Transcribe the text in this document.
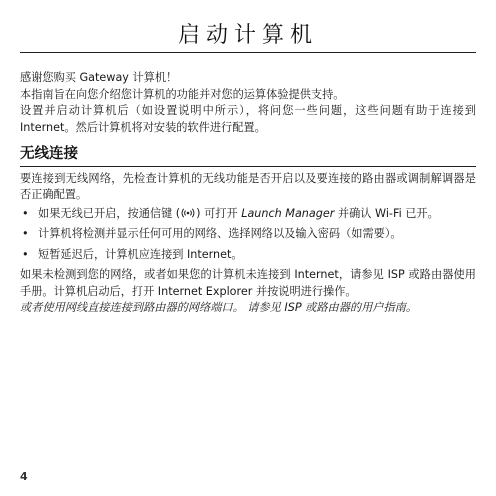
启动计算机

感谢您购买 Gateway 计算机！

本指南旨在向您介绍您计算机的功能并对您的运算体验提供支持。

设置并启动计算机后（如设置说明中所示），将问您一些问题，这些问题有助于连接到 Internet。然后计算机将对安装的软件进行配置。

无线连接

要连接到无线网络，先检查计算机的无线功能是否开启以及要连接的路由器或调制解调器是否正确配置。

• 如果无线已开启，按通信键 ( ) 可打开 Launch Manager 并确认 Wi-Fi 已开。
• 计算机将检测并显示任何可用的网络、选择网络以及输入密码（如需要）。
• 短暂延迟后，计算机应连接到 Internet。

如果未检测到您的网络，或者如果您的计算机未连接到 Internet，请参见 ISP 或路由器使用手册。计算机启动后，打开 Internet Explorer 并按说明进行操作。

或者使用网线直接连接到路由器的网络端口。 请参见 ISP 或路由器的用户指南。

4
